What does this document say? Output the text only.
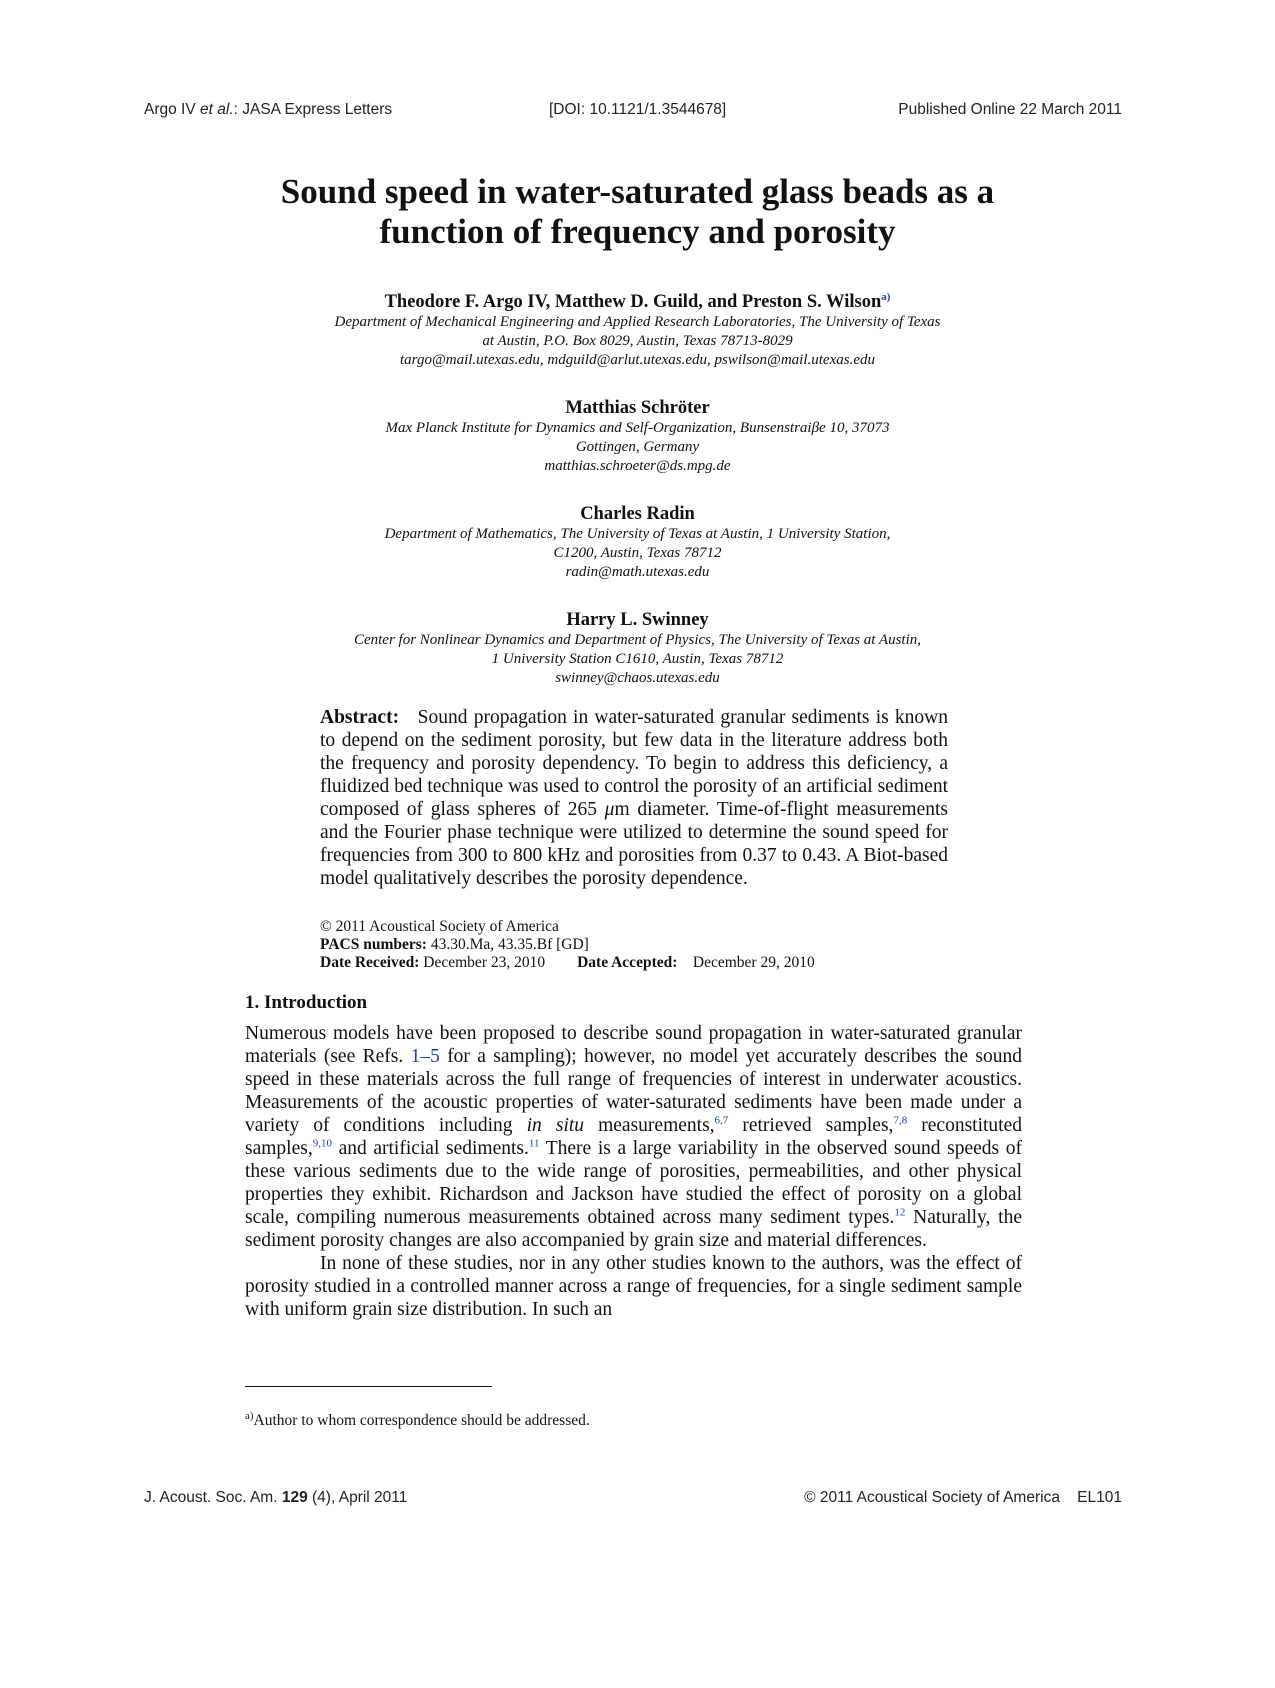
Argo IV et al.: JASA Express Letters	[DOI: 10.1121/1.3544678]	Published Online 22 March 2011
Sound speed in water-saturated glass beads as a
function of frequency and porosity
Theodore F. Argo IV, Matthew D. Guild, and Preston S. Wilson$^{a)}$
Department of Mechanical Engineering and Applied Research Laboratories, The University of Texas
at Austin, P.O. Box 8029, Austin, Texas 78713-8029
targo@mail.utexas.edu, mdguild@arlut.utexas.edu, pswilson@mail.utexas.edu
Matthias Schröter
Max Planck Institute for Dynamics and Self-Organization, Bunsenstraiβe 10, 37073
Gottingen, Germany
matthias.schroeter@ds.mpg.de
Charles Radin
Department of Mathematics, The University of Texas at Austin, 1 University Station,
C1200, Austin, Texas 78712
radin@math.utexas.edu
Harry L. Swinney
Center for Nonlinear Dynamics and Department of Physics, The University of Texas at Austin,
1 University Station C1610, Austin, Texas 78712
swinney@chaos.utexas.edu
Abstract: Sound propagation in water-saturated granular sediments is known to depend on the sediment porosity, but few data in the literature address both the frequency and porosity dependency. To begin to address this deficiency, a fluidized bed technique was used to control the porosity of an artificial sediment composed of glass spheres of 265 μm diameter. Time-of-flight measurements and the Fourier phase technique were utilized to determine the sound speed for frequencies from 300 to 800 kHz and porosities from 0.37 to 0.43. A Biot-based model qualitatively describes the porosity dependence.
© 2011 Acoustical Society of America
PACS numbers: 43.30.Ma, 43.35.Bf [GD]
Date Received: December 23, 2010 Date Accepted: December 29, 2010
1. Introduction

Numerous models have been proposed to describe sound propagation in water-saturated granular materials (see Refs. 1–5 for a sampling); however, no model yet accurately describes the sound speed in these materials across the full range of frequencies of interest in underwater acoustics. Measurements of the acoustic properties of water-saturated sediments have been made under a variety of conditions including in situ measurements,$^{6,7}$ retrieved samples,$^{7,8}$ reconstituted samples,$^{9,10}$ and artificial sediments.$^{11}$ There is a large variability in the observed sound speeds of these various sediments due to the wide range of porosities, permeabilities, and other physical properties they exhibit. Richardson and Jackson have studied the effect of porosity on a global scale, compiling numerous measurements obtained across many sediment types.$^{12}$ Naturally, the sediment porosity changes are also accompanied by grain size and material differences.

In none of these studies, nor in any other studies known to the authors, was the effect of porosity studied in a controlled manner across a range of frequencies, for a single sediment sample with uniform grain size distribution. In such an

$^{a)}$Author to whom correspondence should be addressed.
J. Acoust. Soc. Am. 129 (4), April 2011	© 2011 Acoustical Society of America    EL101
